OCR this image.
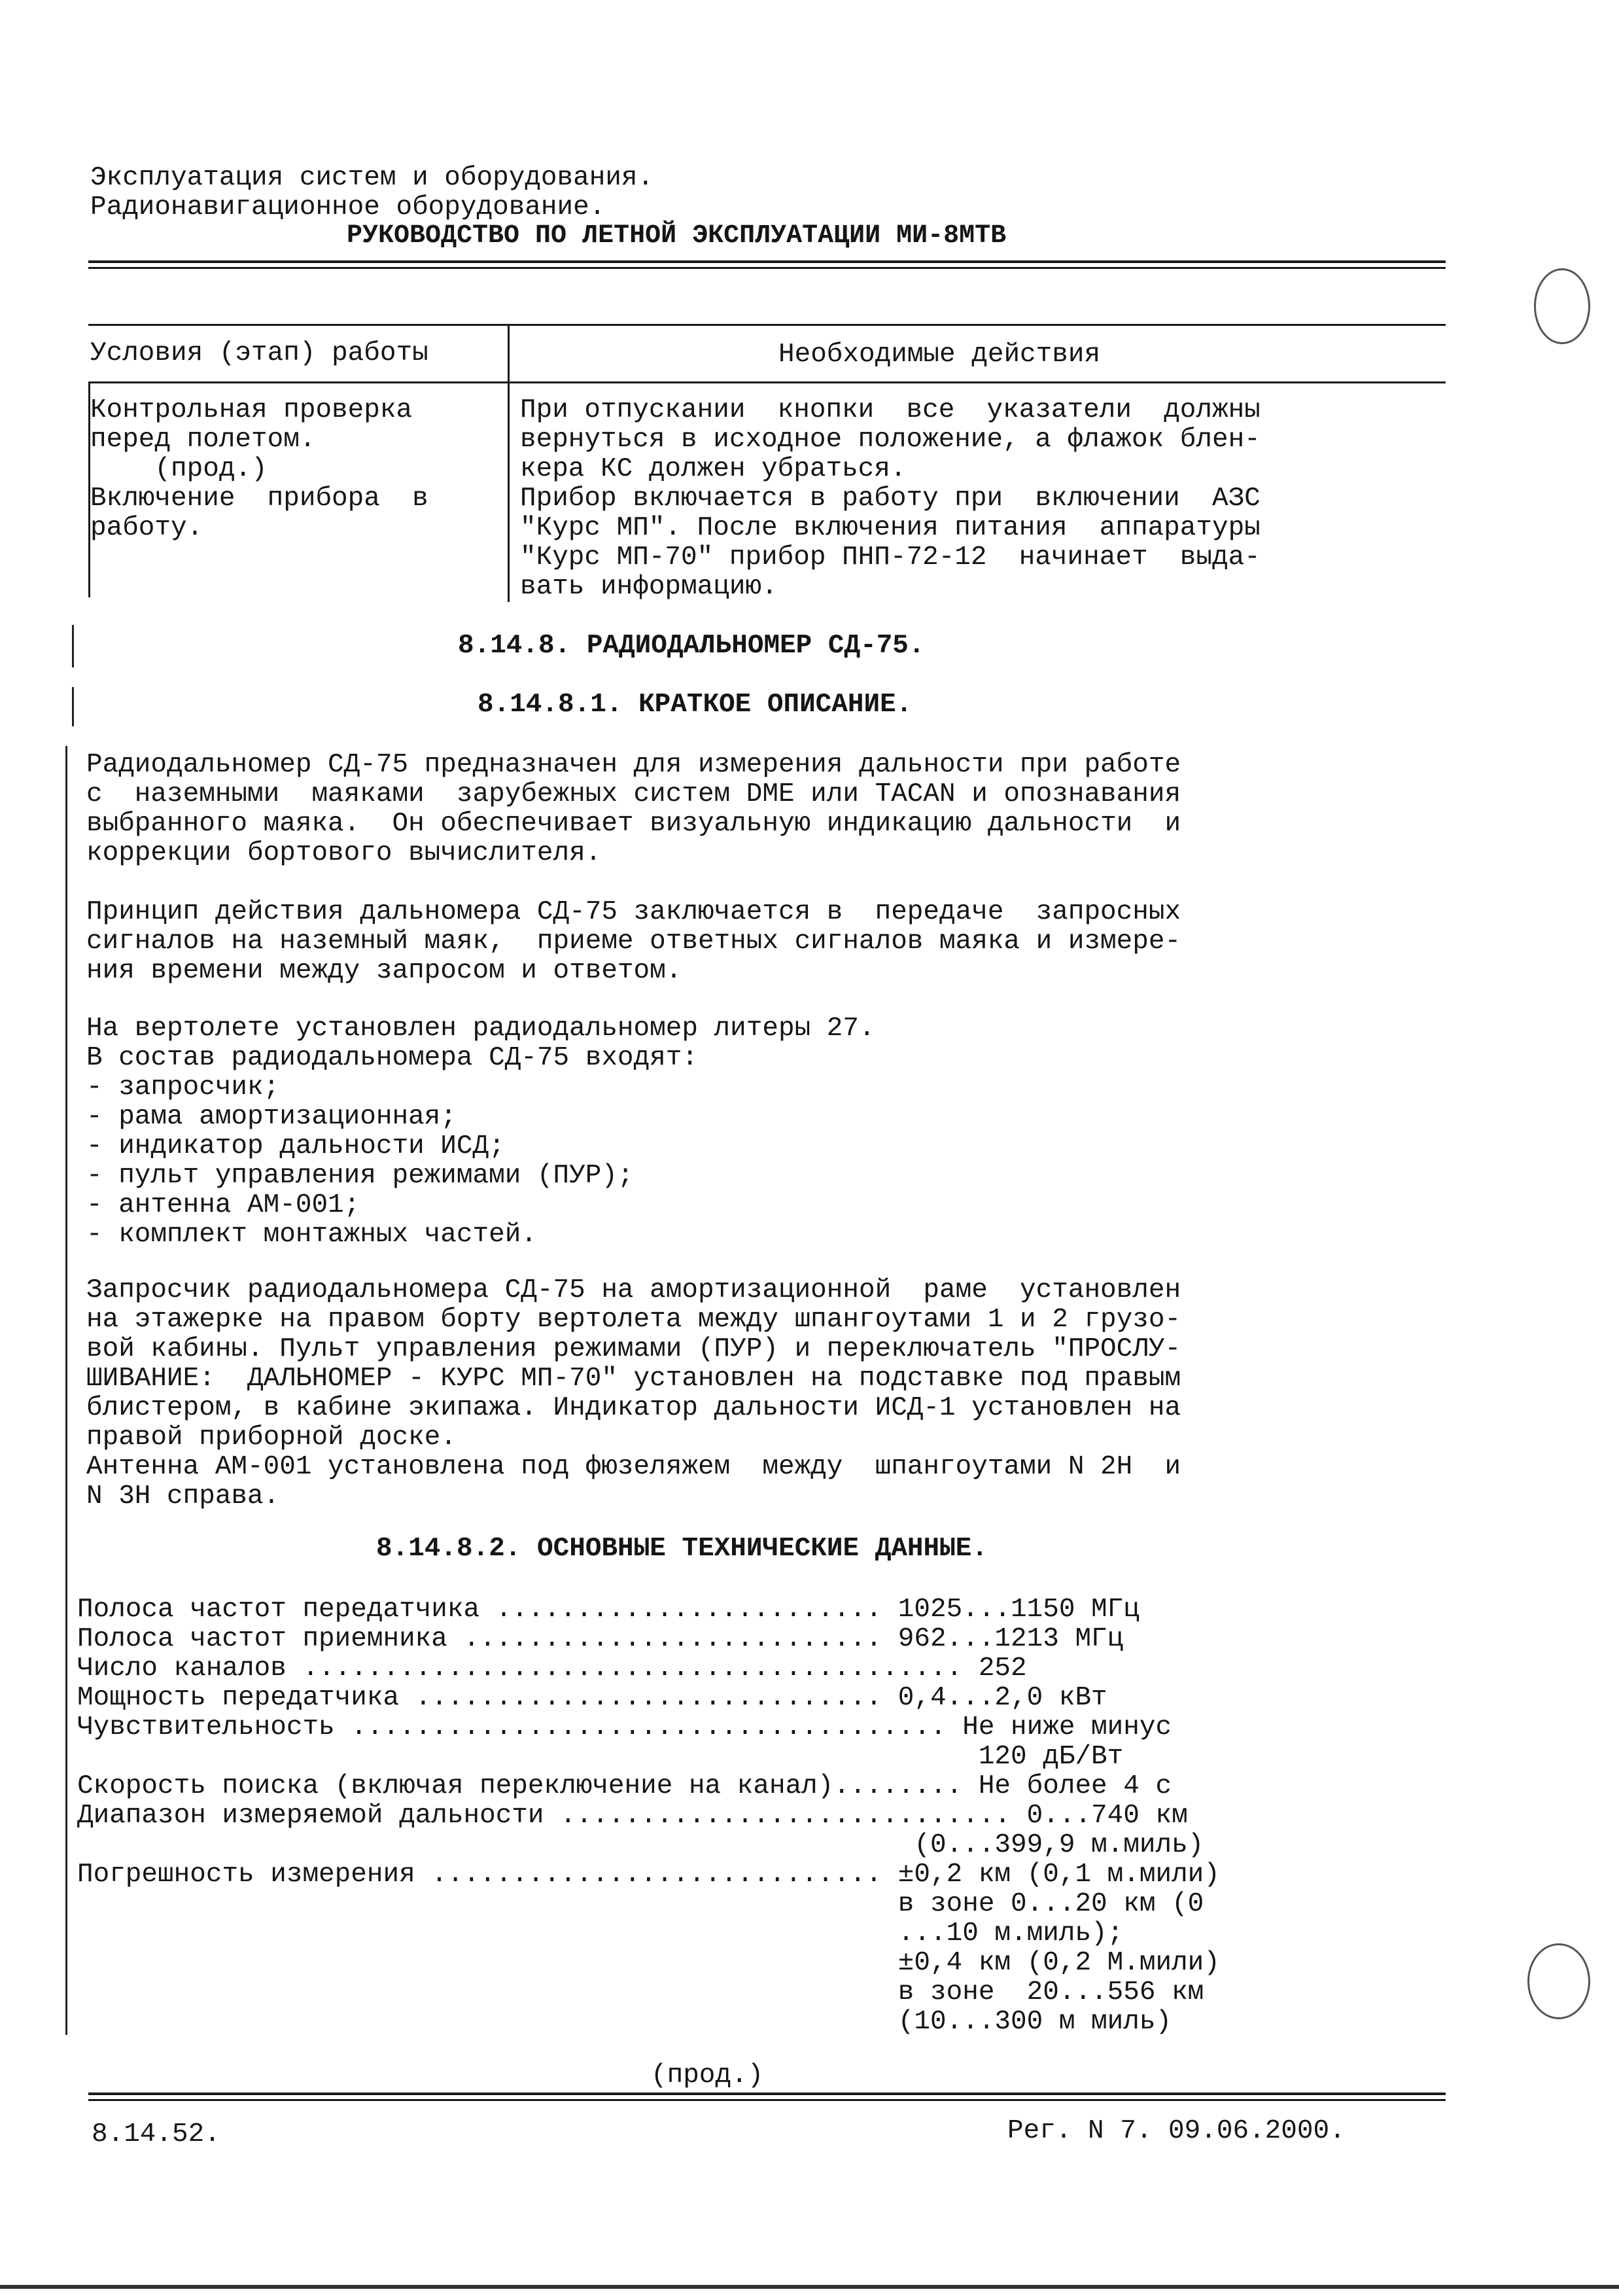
Эксплуатация систем и оборудования.
Радионавигационное оборудование.
РУКОВОДСТВО ПО ЛЕТНОЙ ЭКСПЛУАТАЦИИ МИ-8МТВ
Условия (этап) работы	Необходимые действия
Контрольная проверка
перед полетом.
(прод.)
Включение  прибора  в
работу.
При отпускании  кнопки  все  указатели  должны
вернуться в исходное положение, а флажок блен-
кера КС должен убраться.
Прибор включается в работу при  включении  АЗС
"Курс МП". После включения питания  аппаратуры
"Курс МП-70" прибор ПНП-72-12  начинает  выда-
вать информацию.
8.14.8. РАДИОДАЛЬНОМЕР СД-75.
8.14.8.1. КРАТКОЕ ОПИСАНИЕ.
Радиодальномер СД-75 предназначен для измерения дальности при работе
с  наземными  маяками  зарубежных систем DME или TACAN и опознавания
выбранного маяка.  Он обеспечивает визуальную индикацию дальности  и
коррекции бортового вычислителя.
Принцип действия дальномера СД-75 заключается в  передаче  запросных
сигналов на наземный маяк,  приеме ответных сигналов маяка и измере-
ния времени между запросом и ответом.
На вертолете установлен радиодальномер литеры 27.
В состав радиодальномера СД-75 входят:
- запросчик;
- рама амортизационная;
- индикатор дальности ИСД;
- пульт управления режимами (ПУР);
- антенна АМ-001;
- комплект монтажных частей.
Запросчик радиодальномера СД-75 на амортизационной  раме  установлен
на этажерке на правом борту вертолета между шпангоутами 1 и 2 грузо-
вой кабины. Пульт управления режимами (ПУР) и переключатель "ПРОСЛУ-
ШИВАНИЕ:  ДАЛЬНОМЕР - КУРС МП-70" установлен на подставке под правым
блистером, в кабине экипажа. Индикатор дальности ИСД-1 установлен на
правой приборной доске.
Антенна АМ-001 установлена под фюзеляжем  между  шпангоутами N 2Н  и
N 3Н справа.
8.14.8.2. ОСНОВНЫЕ ТЕХНИЧЕСКИЕ ДАННЫЕ.
Полоса частот передатчика ........................ 1025...1150 МГц
Полоса частот приемника .......................... 962...1213 МГц
Число каналов ......................................... 252
Мощность передатчика ............................. 0,4...2,0 кВт
Чувствительность ..................................... Не ниже минус
120 дБ/Вт
Скорость поиска (включая переключение на канал)........ Не более 4 с
Диапазон измеряемой дальности ............................ 0...740 км
(0...399,9 м.миль)
Погрешность измерения ............................ ±0,2 км (0,1 м.мили)
в зоне 0...20 км (0
...10 м.миль);
±0,4 км (0,2 М.мили)
в зоне  20...556 км
(10...300 м миль)
(прод.)
8.14.52.	Рег. N 7. 09.06.2000.
